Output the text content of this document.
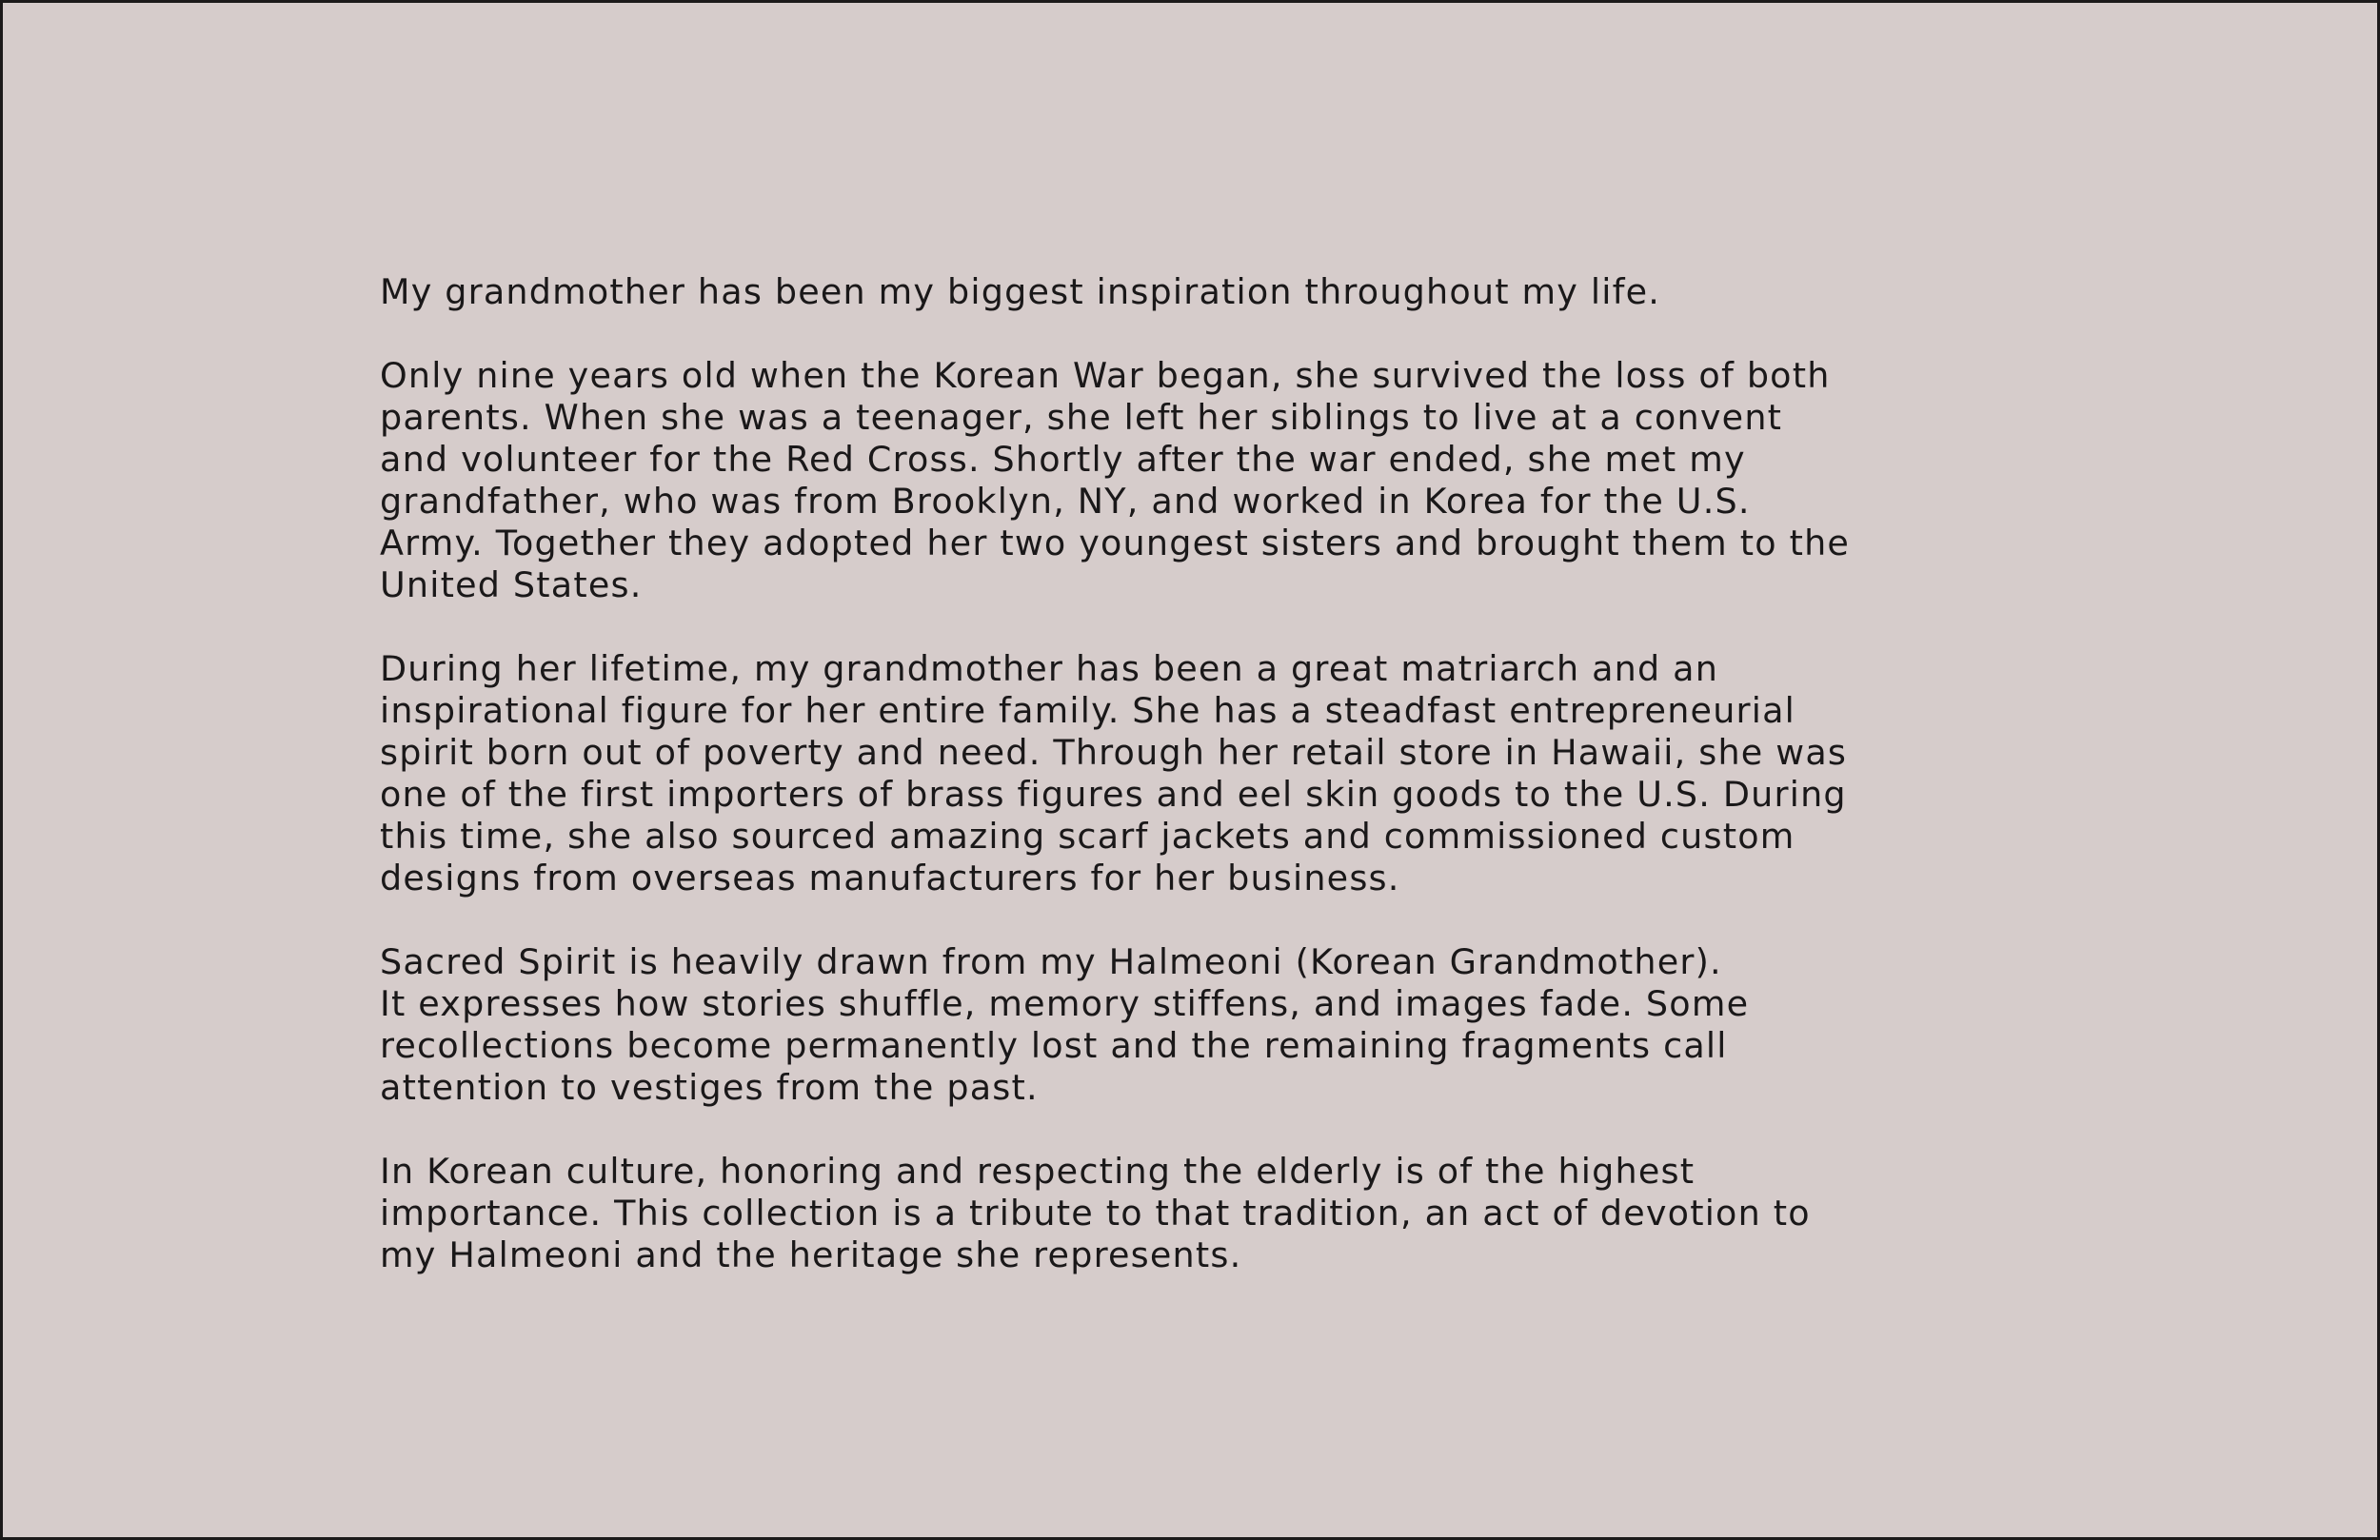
My grandmother has been my biggest inspiration throughout my life.

Only nine years old when the Korean War began, she survived the loss of both
parents. When she was a teenager, she left her siblings to live at a convent
and volunteer for the Red Cross. Shortly after the war ended, she met my
grandfather, who was from Brooklyn, NY, and worked in Korea for the U.S.
Army. Together they adopted her two youngest sisters and brought them to the
United States.

During her lifetime, my grandmother has been a great matriarch and an
inspirational figure for her entire family. She has a steadfast entrepreneurial
spirit born out of poverty and need. Through her retail store in Hawaii, she was
one of the first importers of brass figures and eel skin goods to the U.S. During
this time, she also sourced amazing scarf jackets and commissioned custom
designs from overseas manufacturers for her business.

Sacred Spirit is heavily drawn from my Halmeoni (Korean Grandmother).
It expresses how stories shuffle, memory stiffens, and images fade. Some
recollections become permanently lost and the remaining fragments call
attention to vestiges from the past.

In Korean culture, honoring and respecting the elderly is of the highest
importance. This collection is a tribute to that tradition, an act of devotion to
my Halmeoni and the heritage she represents.
